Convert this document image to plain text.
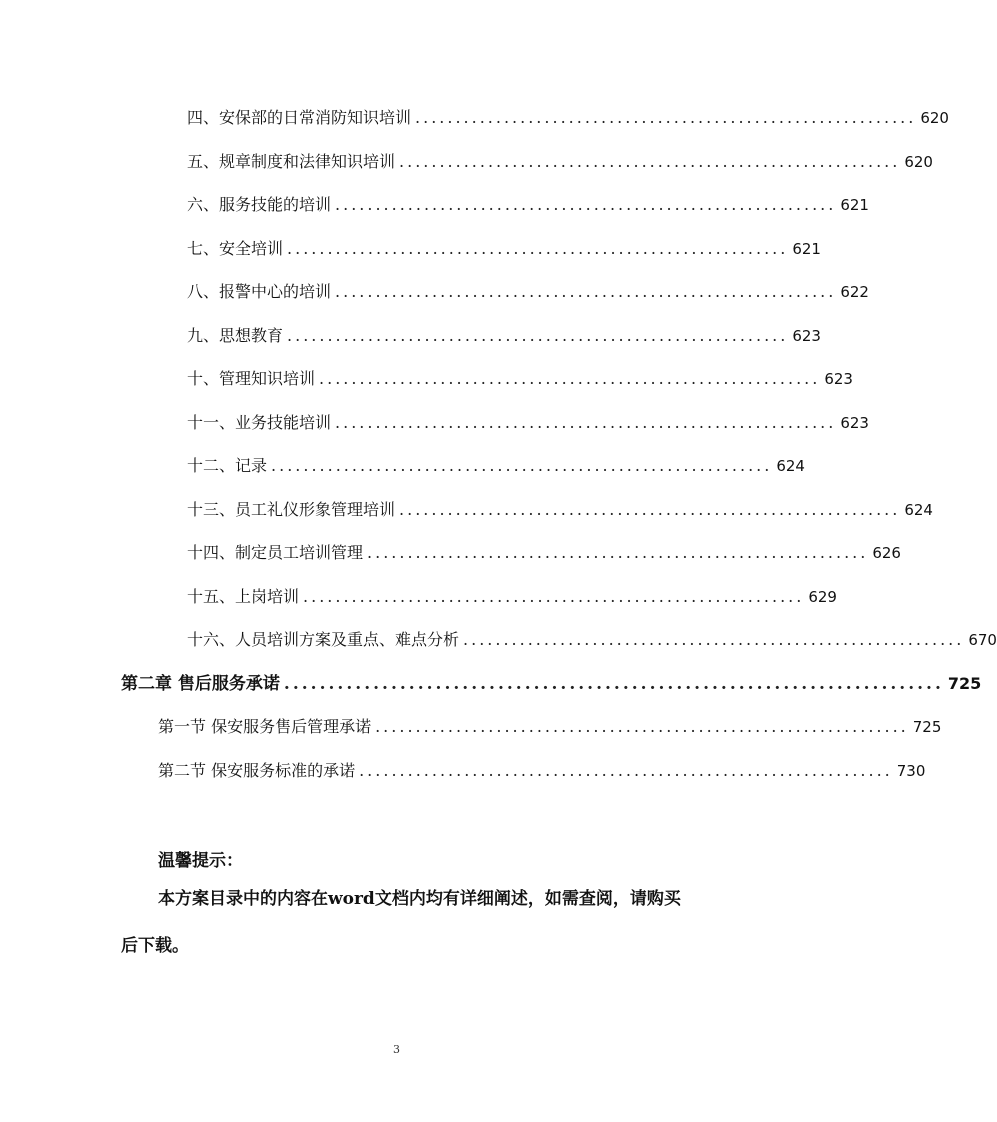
四、安保部的日常消防知识培训 .............................................................. 620
五、规章制度和法律知识培训 .............................................................. 620
六、服务技能的培训 .............................................................. 621
七、安全培训 .............................................................. 621
八、报警中心的培训 .............................................................. 622
九、思想教育 .............................................................. 623
十、管理知识培训 .............................................................. 623
十一、业务技能培训 .............................................................. 623
十二、记录 .............................................................. 624
十三、员工礼仪形象管理培训 .............................................................. 624
十四、制定员工培训管理 .............................................................. 626
十五、上岗培训 .............................................................. 629
十六、人员培训方案及重点、难点分析 .............................................................. 670
第二章 售后服务承诺 .......................................................................... 725
第一节 保安服务售后管理承诺 .................................................................. 725
第二节 保安服务标准的承诺 .................................................................. 730
温馨提示：
本方案目录中的内容在word文档内均有详细阐述，如需查阅，请购买后下载。
3
